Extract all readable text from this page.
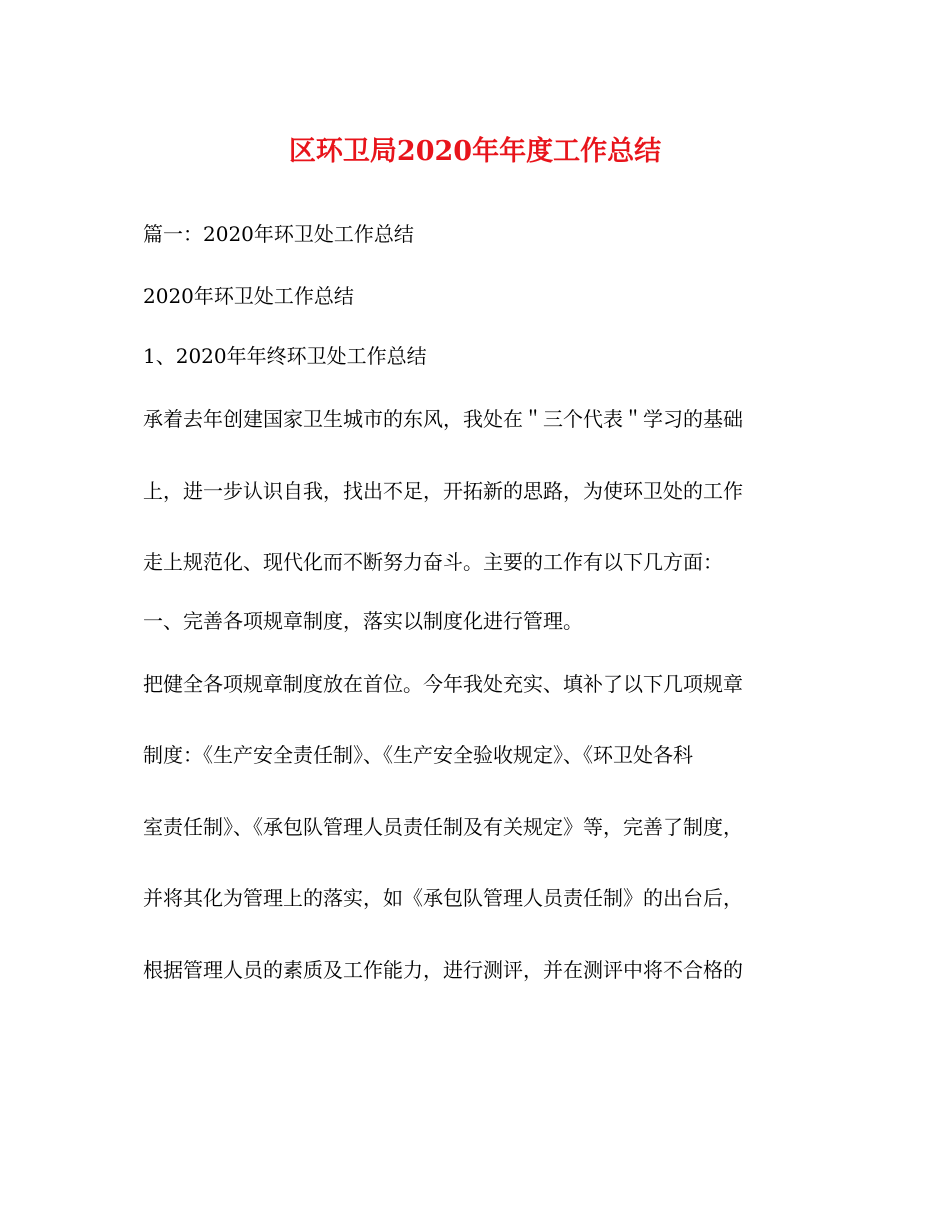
区环卫局2020年年度工作总结
篇一：2020年环卫处工作总结
2020年环卫处工作总结
1、2020年年终环卫处工作总结
承着去年创建国家卫生城市的东风，我处在＂三个代表＂学习的基础
上，进一步认识自我，找出不足，开拓新的思路，为使环卫处的工作
走上规范化、现代化而不断努力奋斗。主要的工作有以下几方面：
一、完善各项规章制度，落实以制度化进行管理。
把健全各项规章制度放在首位。今年我处充实、填补了以下几项规章
制度：《生产安全责任制》、《生产安全验收规定》、《环卫处各科
室责任制》、《承包队管理人员责任制及有关规定》等，完善了制度，
并将其化为管理上的落实，如《承包队管理人员责任制》的出台后，
根据管理人员的素质及工作能力，进行测评，并在测评中将不合格的
